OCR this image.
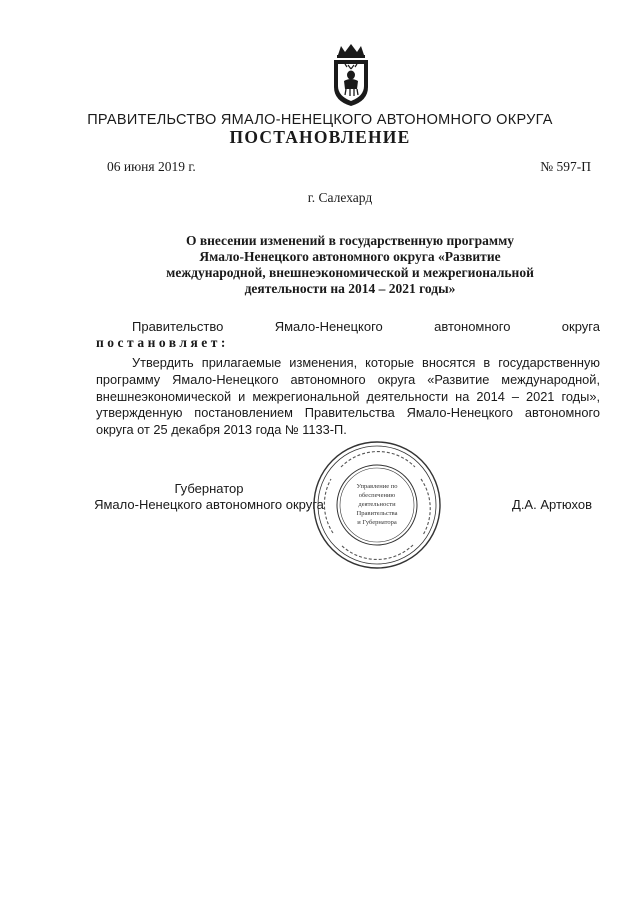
ПРАВИТЕЛЬСТВО ЯМАЛО-НЕНЕЦКОГО АВТОНОМНОГО ОКРУГА
ПОСТАНОВЛЕНИЕ
06 июня 2019 г.	№ 597-П
г. Салехард
О внесении изменений в государственную программу
Ямало-Ненецкого автономного округа «Развитие
международной, внешнеэкономической и межрегиональной
деятельности на 2014 – 2021 годы»
Правительство	Ямало-Ненецкого	автономного	округа
постановляет:
Утвердить прилагаемые изменения, которые вносятся в государственную программу Ямало-Ненецкого автономного округа «Развитие международной, внешнеэкономической и межрегиональной деятельности на 2014 – 2021 годы», утвержденную постановлением Правительства Ямало-Ненецкого автономного округа от 25 декабря 2013 года № 1133-П.
Губернатор
Ямало-Ненецкого автономного округа
Управление по
обеспечению
деятельности
Правительства
и Губернатора
Д.А. Артюхов
